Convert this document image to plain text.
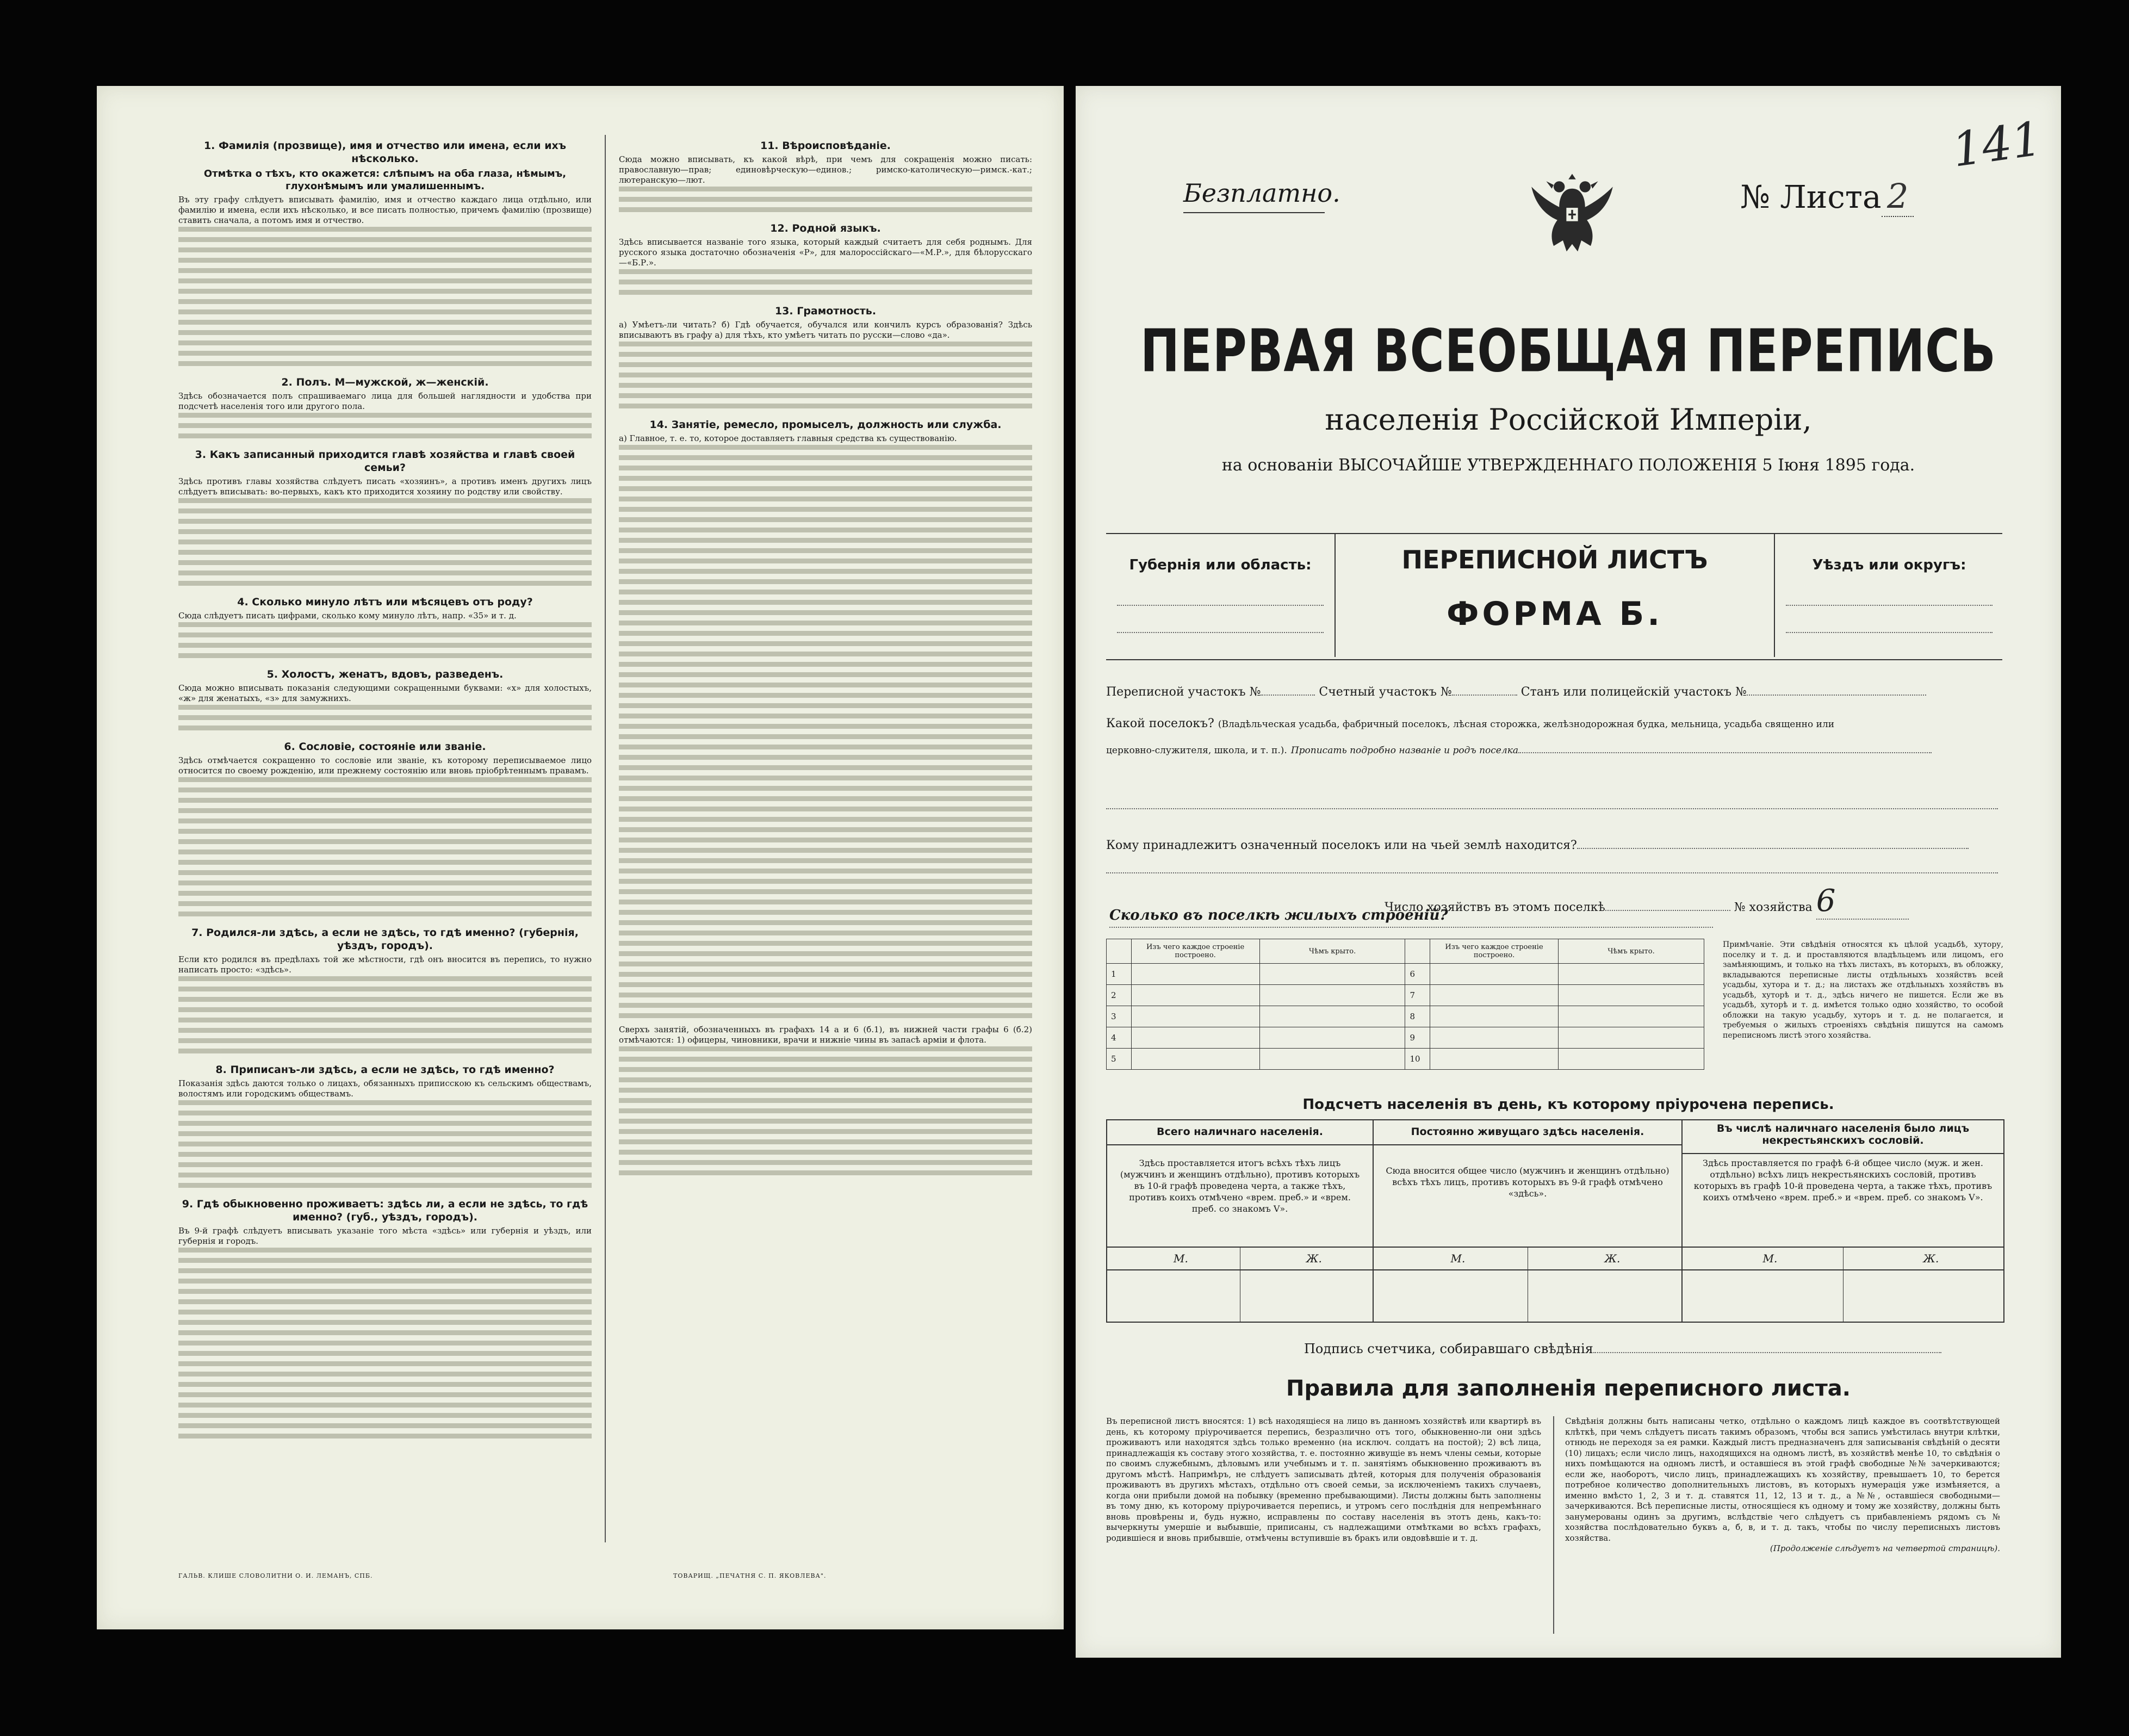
1. Фамилія (прозвище), имя и отчество или имена, если ихъ нѣсколько.
Отмѣтка о тѣхъ, кто окажется: слѣпымъ на оба глаза, нѣмымъ, глухонѣмымъ или умалишеннымъ.
Въ эту графу слѣдуетъ вписывать фамилію, имя и отчество каждаго лица отдѣльно, или фамилію и имена, если ихъ нѣсколько, и все писать полностью, причемъ фамилію (прозвище) ставить сначала, а потомъ имя и отчество.
2. Полъ. М—мужской, ж—женскій.
Здѣсь обозначается полъ спрашиваемаго лица для большей наглядности и удобства при подсчетѣ населенія того или другого пола.
3. Какъ записанный приходится главѣ хозяйства и главѣ своей семьи?
Здѣсь противъ главы хозяйства слѣдуетъ писать «хозяинъ», а противъ именъ другихъ лицъ слѣдуетъ вписывать: во-первыхъ, какъ кто приходится хозяину по родству или свойству.
4. Сколько минуло лѣтъ или мѣсяцевъ отъ роду?
Сюда слѣдуетъ писать цифрами, сколько кому минуло лѣтъ, напр. «35» и т. д.
5. Холостъ, женатъ, вдовъ, разведенъ.
Сюда можно вписывать показанія следующими сокращенными буквами: «х» для холостыхъ, «ж» для женатыхъ, «з» для замужнихъ.
6. Сословіе, состояніе или званіе.
Здѣсь отмѣчается сокращенно то сословіе или званіе, къ которому переписываемое лицо относится по своему рожденію, или прежнему состоянію или вновь пріобрѣтеннымъ правамъ.
7. Родился-ли здѣсь, а если не здѣсь, то гдѣ именно? (губернія, уѣздъ, городъ).
Если кто родился въ предѣлахъ той же мѣстности, гдѣ онъ вносится въ перепись, то нужно написать просто: «здѣсь».
8. Приписанъ-ли здѣсь, а если не здѣсь, то гдѣ именно?
Показанія здѣсь даются только о лицахъ, обязанныхъ приписскою къ сельскимъ обществамъ, волостямъ или городскимъ обществамъ.
9. Гдѣ обыкновенно проживаетъ: здѣсь ли, а если не здѣсь, то гдѣ именно? (губ., уѣздъ, городъ).
Въ 9-й графѣ слѣдуетъ вписывать указаніе того мѣста «здѣсь» или губернія и уѣздъ, или губернія и городъ.
11. Вѣроисповѣданіе.
Сюда можно вписывать, къ какой вѣрѣ, при чемъ для сокращенія можно писать: православную—прав; единовѣрческую—единов.; римско-католическую—римск.-кат.; лютеранскую—лют.
12. Родной языкъ.
Здѣсь вписывается названіе того языка, который каждый считаетъ для себя роднымъ. Для русского языка достаточно обозначенія «Р», для малороссійскаго—«М.Р.», для бѣлорусскаго—«Б.Р.».
13. Грамотность.
а) Умѣетъ-ли читать? б) Гдѣ обучается, обучался или кончилъ курсъ образованія? Здѣсь вписываютъ въ графу а) для тѣхъ, кто умѣетъ читать по русски—слово «да».
14. Занятіе, ремесло, промыселъ, должность или служба.
а) Главное, т. е. то, которое доставляетъ главныя средства къ существованію.
Сверхъ занятій, обозначенныхъ въ графахъ 14 а и 6 (б.1), въ нижней части графы 6 (б.2) отмѣчаются: 1) офицеры, чиновники, врачи и нижніе чины въ запасѣ арміи и флота.
ГАЛЬВ. КЛИШЕ СЛОВОЛИТНИ О. И. ЛЕМАНЪ, СПБ.	ТОВАРИЩ. „ПЕЧАТНЯ С. П. ЯКОВЛЕВА".
141
Безплатно.	№ Листа 2
ПЕРВАЯ ВСЕОБЩАЯ ПЕРЕПИСЬ
населенія Россійской Имперіи,
на основаніи ВЫСОЧАЙШЕ УТВЕРЖДЕННАГО ПОЛОЖЕНІЯ 5 Іюня 1895 года.
Губернія или область:	ПЕРЕПИСНОЙ ЛИСТЪ
ФОРМА Б.
Уѣздъ или округъ:
Переписной участокъ №	Счетный участокъ №	Станъ или полицейскій участокъ №
Какой поселокъ? (Владѣльческая усадьба, фабричный поселокъ, лѣсная сторожка, желѣзнодорожная будка, мельница, усадьба священно или
церковно-служителя, школа, и т. п.). Прописать подробно названіе и родъ поселка
Кому принадлежитъ означенный поселокъ или на чьей землѣ находится?
Число хозяйствъ въ этомъ поселкѣ	№ хозяйства 6
Сколько въ поселкѣ жилыхъ строеній?
	Изъ чего каждое строеніе построено.	Чѣмъ крыто.		Изъ чего каждое строеніе построено.	Чѣмъ крыто.
1			6		
2			7		
3			8		
4			9		
5			10		
Примѣчаніе. Эти свѣдѣнія относятся къ цѣлой усадьбѣ, хутору, поселку и т. д. и проставляются владѣльцемъ или лицомъ, его замѣняющимъ, и только на тѣхъ листахъ, въ которыхъ, въ обложку, вкладываются переписные листы отдѣльныхъ хозяйствъ всей усадьбы, хутора и т. д.; на листахъ же отдѣльныхъ хозяйствъ въ усадьбѣ, хуторѣ и т. д., здѣсь ничего не пишется. Если же въ усадьбѣ, хуторѣ и т. д. имѣется только одно хозяйство, то особой обложки на такую усадьбу, хуторъ и т. д. не полагается, и требуемыя о жилыхъ строеніяхъ свѣдѣнія пишутся на самомъ переписномъ листѣ этого хозяйства.
Подсчетъ населенія въ день, къ которому пріурочена перепись.
Всего наличнаго населенія.
Здѣсь проставляется итогъ всѣхъ тѣхъ лицъ (мужчинъ и женщинъ отдѣльно), противъ которыхъ въ 10-й графѣ проведена черта, а также тѣхъ, противъ коихъ отмѣчено «врем. преб.» и «врем. преб. со знакомъ V».
М.	Ж.
Постоянно живущаго здѣсь населенія.
Сюда вносится общее число (мужчинъ и женщинъ отдѣльно) всѣхъ тѣхъ лицъ, противъ которыхъ въ 9-й графѣ отмѣчено «здѣсь».
М.	Ж.
Въ числѣ наличнаго населенія было лицъ некрестьянскихъ сословій.
Здѣсь проставляется по графѣ 6-й общее число (муж. и жен. отдѣльно) всѣхъ лицъ некрестьянскихъ сословій, противъ которыхъ въ графѣ 10-й проведена черта, а также тѣхъ, противъ коихъ отмѣчено «врем. преб.» и «врем. преб. со знакомъ V».
М.	Ж.
Подпись счетчика, собиравшаго свѣдѣнія
Правила для заполненія переписного листа.
Въ переписной листъ вносятся: 1) всѣ находящіеся на лицо въ данномъ хозяйствѣ или квартирѣ въ день, къ которому пріурочивается перепись, безразлично отъ того, обыкновенно-ли они здѣсь проживаютъ или находятся здѣсь только временно (на исключ. солдатъ на постой); 2) всѣ лица, принадлежащія къ составу этого хозяйства, т. е. постоянно живущіе въ немъ члены семьи, которые по своимъ служебнымъ, дѣловымъ или учебнымъ и т. п. занятіямъ обыкновенно проживаютъ въ другомъ мѣстѣ. Напримѣръ, не слѣдуетъ записывать дѣтей, которыя для полученія образованія проживаютъ въ другихъ мѣстахъ, отдѣльно отъ своей семьи, за исключеніемъ такихъ случаевъ, когда они прибыли домой на побывку (временно пребывающими). Листы должны быть заполнены въ тому дню, къ которому пріурочивается перепись, и утромъ сего послѣднія для непремѣннаго вновь провѣрены и, будь нужно, исправлены по составу населенія въ этотъ день, какъ-то: вычеркнуты умершіе и выбывшіе, приписаны, съ надлежащими отмѣтками во всѣхъ графахъ, родившіеся и вновь прибывшіе, отмѣчены вступившіе въ бракъ или овдовѣвшіе и т. д.
Свѣдѣнія должны быть написаны четко, отдѣльно о каждомъ лицѣ каждое въ соотвѣтствующей клѣткѣ, при чемъ слѣдуетъ писать такимъ образомъ, чтобы вся запись умѣстилась внутри клѣтки, отнюдь не переходя за ея рамки. Каждый листъ предназначенъ для записыванія свѣдѣній о десяти (10) лицахъ; если число лицъ, находящихся на одномъ листѣ, въ хозяйствѣ менѣе 10, то свѣдѣнія о нихъ помѣщаются на одномъ листѣ, и оставшіеся въ этой графѣ свободные №№ зачеркиваются; если же, наоборотъ, число лицъ, принадлежащихъ къ хозяйству, превышаетъ 10, то берется потребное количество дополнительныхъ листовъ, въ которыхъ нумерація уже измѣняется, а именно вмѣсто 1, 2, 3 и т. д. ставятся 11, 12, 13 и т. д., а №№, оставшіеся свободными—зачеркиваются. Всѣ переписные листы, относящіеся къ одному и тому же хозяйству, должны быть занумерованы одинъ за другимъ, вслѣдствіе чего слѣдуетъ съ прибавленіемъ рядомъ съ № хозяйства послѣдовательно буквъ а, б, в, и т. д. такъ, чтобы по числу переписныхъ листовъ хозяйства.
(Продолженіе слѣдуетъ на четвертой страницѣ).
